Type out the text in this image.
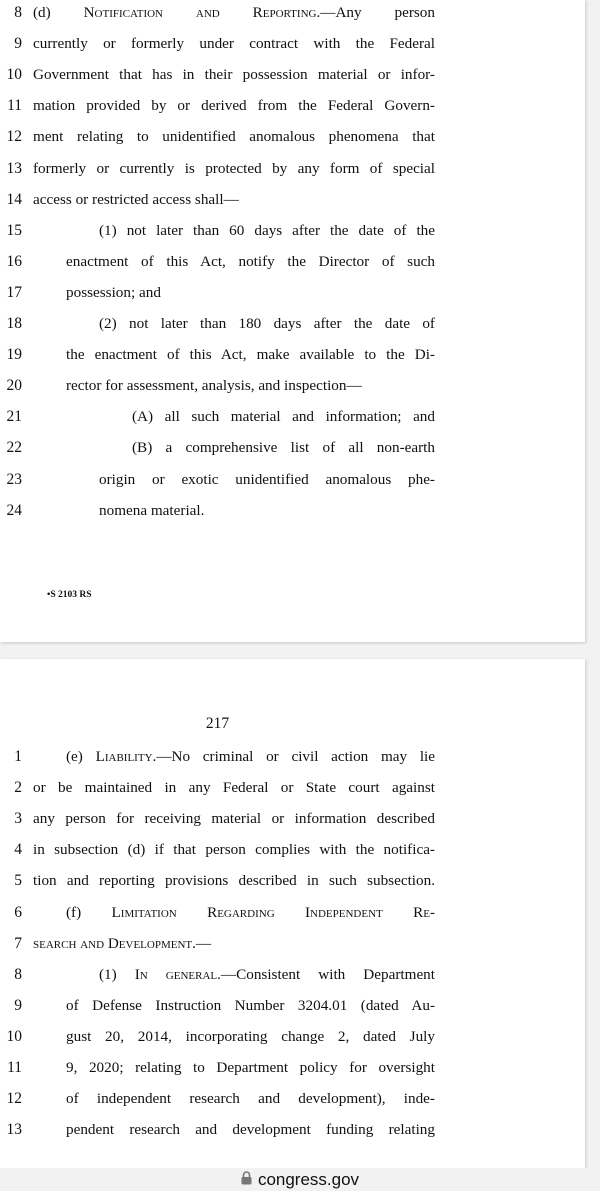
8 (d) Notification and Reporting.—Any person
9 currently or formerly under contract with the Federal
10 Government that has in their possession material or infor-
11 mation provided by or derived from the Federal Govern-
12 ment relating to unidentified anomalous phenomena that
13 formerly or currently is protected by any form of special
14 access or restricted access shall—
15	(1) not later than 60 days after the date of the
16	enactment of this Act, notify the Director of such
17	possession; and
18	(2) not later than 180 days after the date of
19	the enactment of this Act, make available to the Di-
20	rector for assessment, analysis, and inspection—
21	(A) all such material and information; and
22	(B) a comprehensive list of all non-earth
23	origin or exotic unidentified anomalous phe-
24	nomena material.
•S 2103 RS
217
1	(e) Liability.—No criminal or civil action may lie
2 or be maintained in any Federal or State court against
3 any person for receiving material or information described
4 in subsection (d) if that person complies with the notifica-
5 tion and reporting provisions described in such subsection.
6	(f) Limitation Regarding Independent Re-
7 search and Development.—
8	(1) In general.—Consistent with Department
9	of Defense Instruction Number 3204.01 (dated Au-
10	gust 20, 2014, incorporating change 2, dated July
11	9, 2020; relating to Department policy for oversight
12	of independent research and development), inde-
13	pendent research and development funding relating
congress.gov
